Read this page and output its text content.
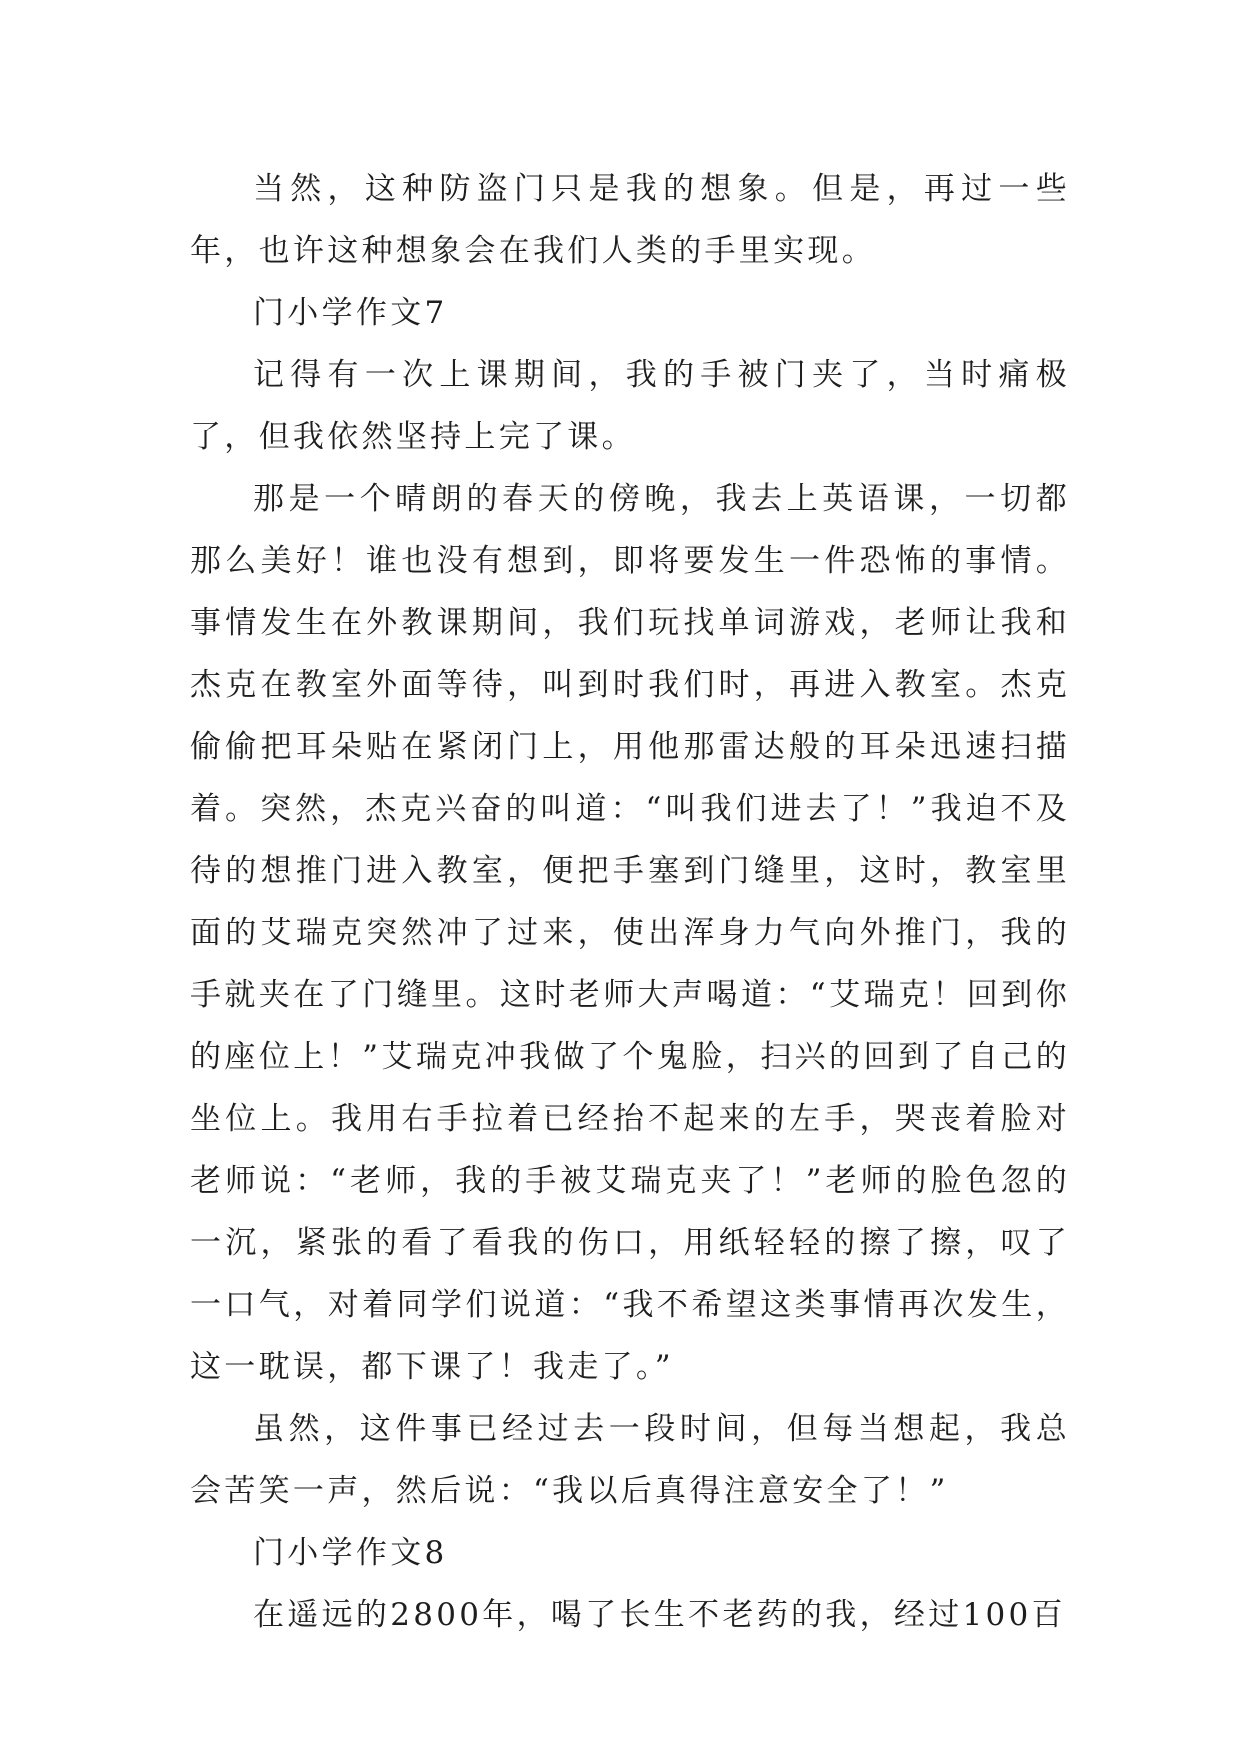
当然，这种防盗门只是我的想象。但是，再过一些年，也许这种想象会在我们人类的手里实现。

门小学作文7

记得有一次上课期间，我的手被门夹了，当时痛极了，但我依然坚持上完了课。

那是一个晴朗的春天的傍晚，我去上英语课，一切都那么美好！谁也没有想到，即将要发生一件恐怖的事情。事情发生在外教课期间，我们玩找单词游戏，老师让我和杰克在教室外面等待，叫到时我们时，再进入教室。杰克偷偷把耳朵贴在紧闭门上，用他那雷达般的耳朵迅速扫描着。突然，杰克兴奋的叫道：“叫我们进去了！”我迫不及待的想推门进入教室，便把手塞到门缝里，这时，教室里面的艾瑞克突然冲了过来，使出浑身力气向外推门，我的手就夹在了门缝里。这时老师大声喝道：“艾瑞克！回到你的座位上！”艾瑞克冲我做了个鬼脸，扫兴的回到了自己的坐位上。我用右手拉着已经抬不起来的左手，哭丧着脸对老师说：“老师，我的手被艾瑞克夹了！”老师的脸色忽的一沉，紧张的看了看我的伤口，用纸轻轻的擦了擦，叹了一口气，对着同学们说道：“我不希望这类事情再次发生，这一耽误，都下课了！我走了。”

虽然，这件事已经过去一段时间，但每当想起，我总会苦笑一声，然后说：“我以后真得注意安全了！”

门小学作文8

在遥远的2800年，喝了长生不老药的我，经过100百
